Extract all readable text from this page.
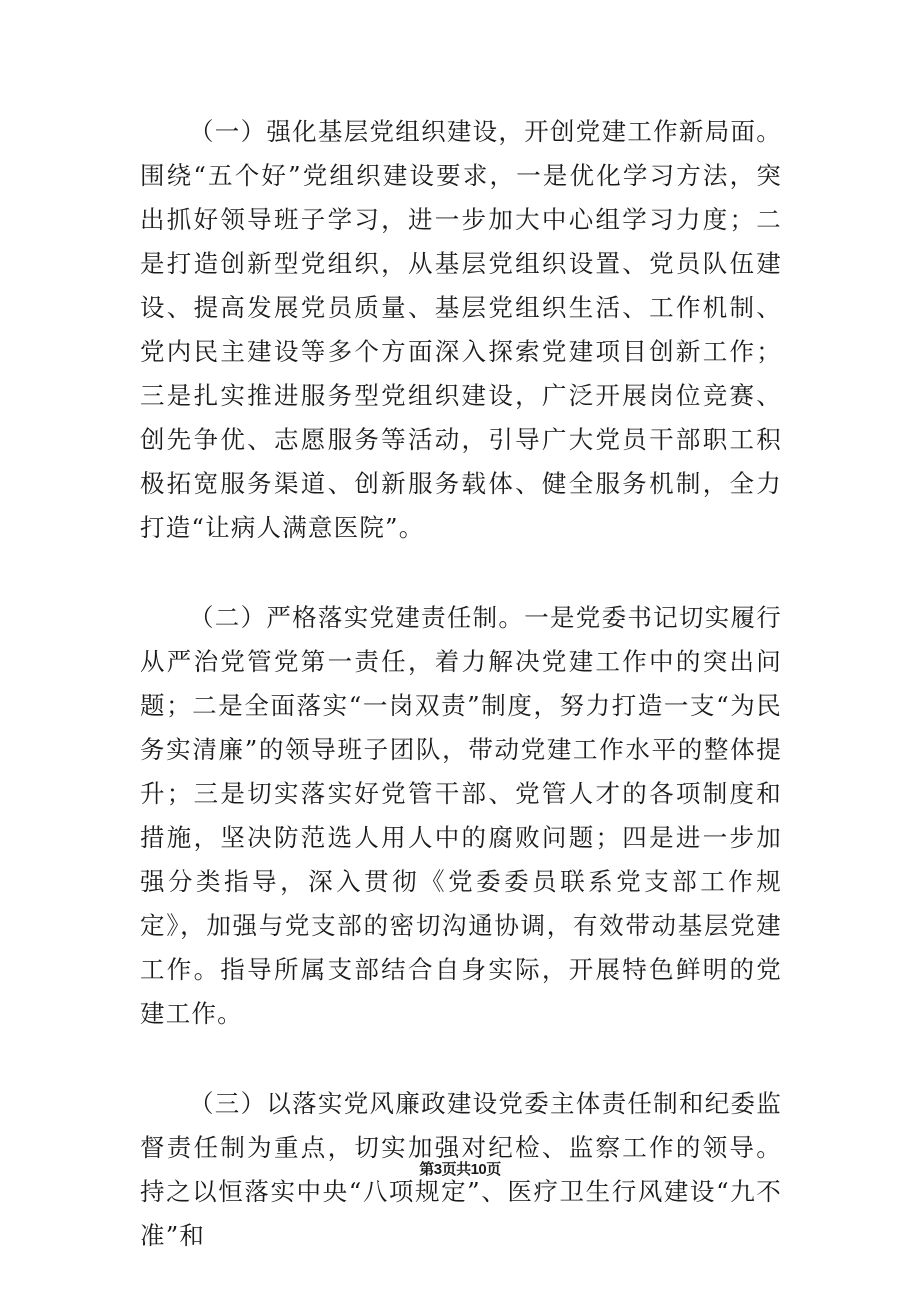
（一）强化基层党组织建设，开创党建工作新局面。围绕“五个好”党组织建设要求，一是优化学习方法，突出抓好领导班子学习，进一步加大中心组学习力度；二是打造创新型党组织，从基层党组织设置、党员队伍建设、提高发展党员质量、基层党组织生活、工作机制、党内民主建设等多个方面深入探索党建项目创新工作；三是扎实推进服务型党组织建设，广泛开展岗位竞赛、创先争优、志愿服务等活动，引导广大党员干部职工积极拓宽服务渠道、创新服务载体、健全服务机制，全力打造“让病人满意医院”。

（二）严格落实党建责任制。一是党委书记切实履行从严治党管党第一责任，着力解决党建工作中的突出问题；二是全面落实“一岗双责”制度，努力打造一支“为民务实清廉”的领导班子团队，带动党建工作水平的整体提升；三是切实落实好党管干部、党管人才的各项制度和措施，坚决防范选人用人中的腐败问题；四是进一步加强分类指导，深入贯彻《党委委员联系党支部工作规定》，加强与党支部的密切沟通协调，有效带动基层党建工作。指导所属支部结合自身实际，开展特色鲜明的党建工作。

（三）以落实党风廉政建设党委主体责任制和纪委监督责任制为重点，切实加强对纪检、监察工作的领导。持之以恒落实中央“八项规定”、医疗卫生行风建设“九不准”和

第3页共10页
